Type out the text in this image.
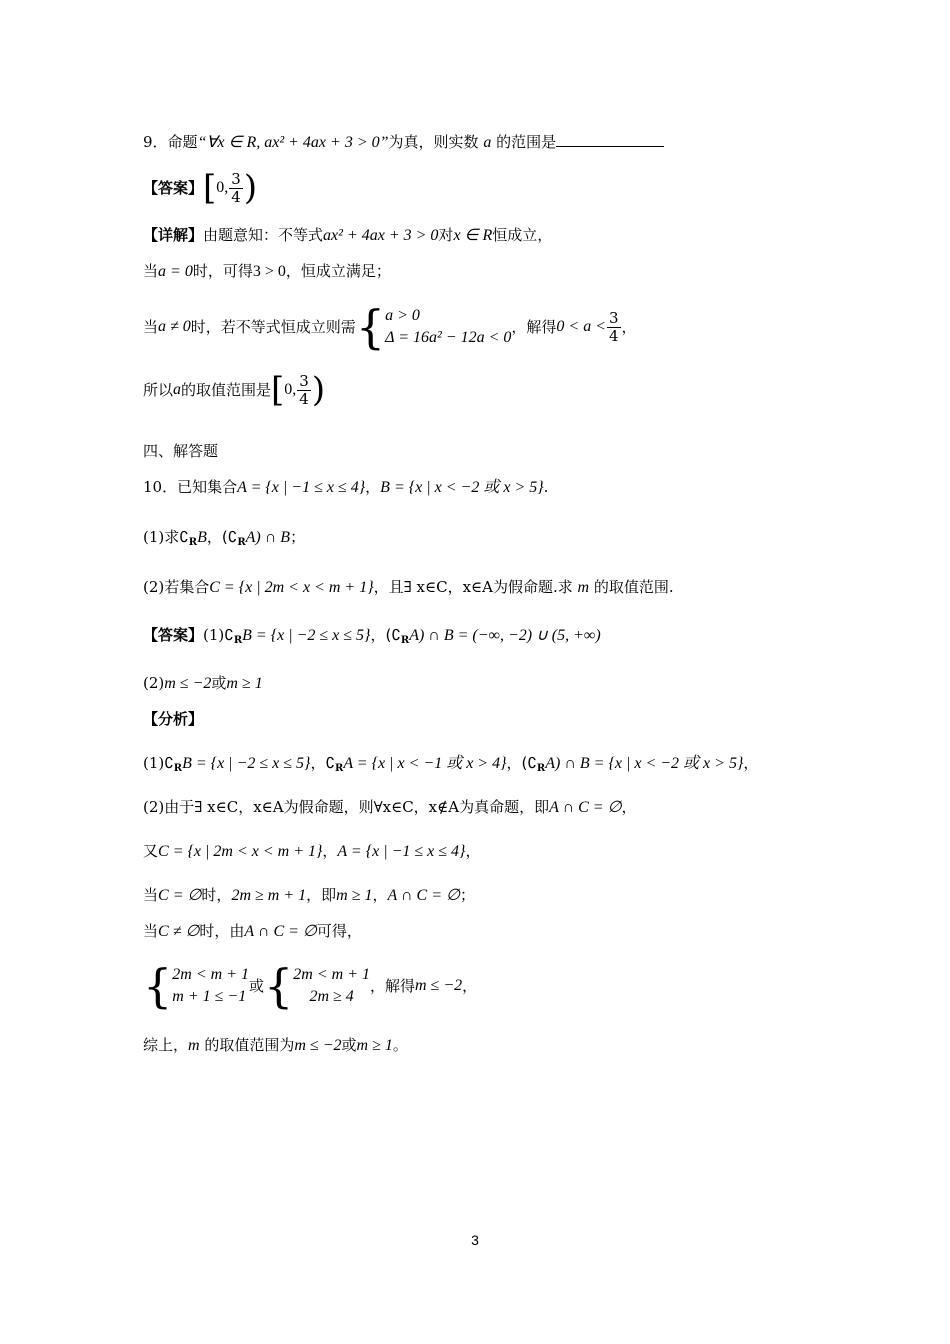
9．命题“∀x ∈ R, ax² + 4ax + 3 > 0”为真，则实数 a 的范围是
【答案】 [ 0, $\frac{3}{4}$ )
【详解】由题意知：不等式ax² + 4ax + 3 > 0对x ∈ R恒成立，
当a = 0时，可得3 > 0，恒成立满足；
当 a ≠ 0 时，若不等式恒成立则需 { a > 0
Δ = 16a² − 12a < 0
，解得 $0 < a < \frac{3}{4}$ ，
所以 a 的取值范围是 [ 0, $\frac{3}{4}$ )
四、解答题
10．已知集合A = {x | −1 ≤ x ≤ 4}，B = {x | x < −2 或 x > 5}.
(1)求$∁_RB$，$(∁_RA)$ ∩ B；
(2)若集合C = {x | 2m < x < m + 1}，且∃ x∈C，x∈A为假命题.求 m 的取值范围.
【答案】$(1)∁_RB = \{x$ | −2 ≤ x ≤ 5}，$(∁_RA)$ ∩ B = (−∞, −2) ∪ (5, +∞)
(2)m ≤ −2或m ≥ 1
【分析】
$(1)∁_RB = \{x$ | −2 ≤ x ≤ 5}，$∁_RA = \{x$ | x < −1 或 x > 4}，$(∁_RA)$ ∩ B = {x | x < −2 或 x > 5}，
(2)由于∃ x∈C，x∈A为假命题，则∀x∈C，x∉A为真命题，即A ∩ C = ∅，
又C = {x | 2m < x < m + 1}，A = {x | −1 ≤ x ≤ 4}，
当C = ∅时，2m ≥ m + 1，即m ≥ 1，A ∩ C = ∅；
当C ≠ ∅时，由A ∩ C = ∅可得，
{ 2m < m + 1
m + 1 ≤ −1
或 { 2m < m + 1
2m ≥ 4
，解得 m ≤ −2 ，
综上，m 的取值范围为m ≤ −2或m ≥ 1。
3
